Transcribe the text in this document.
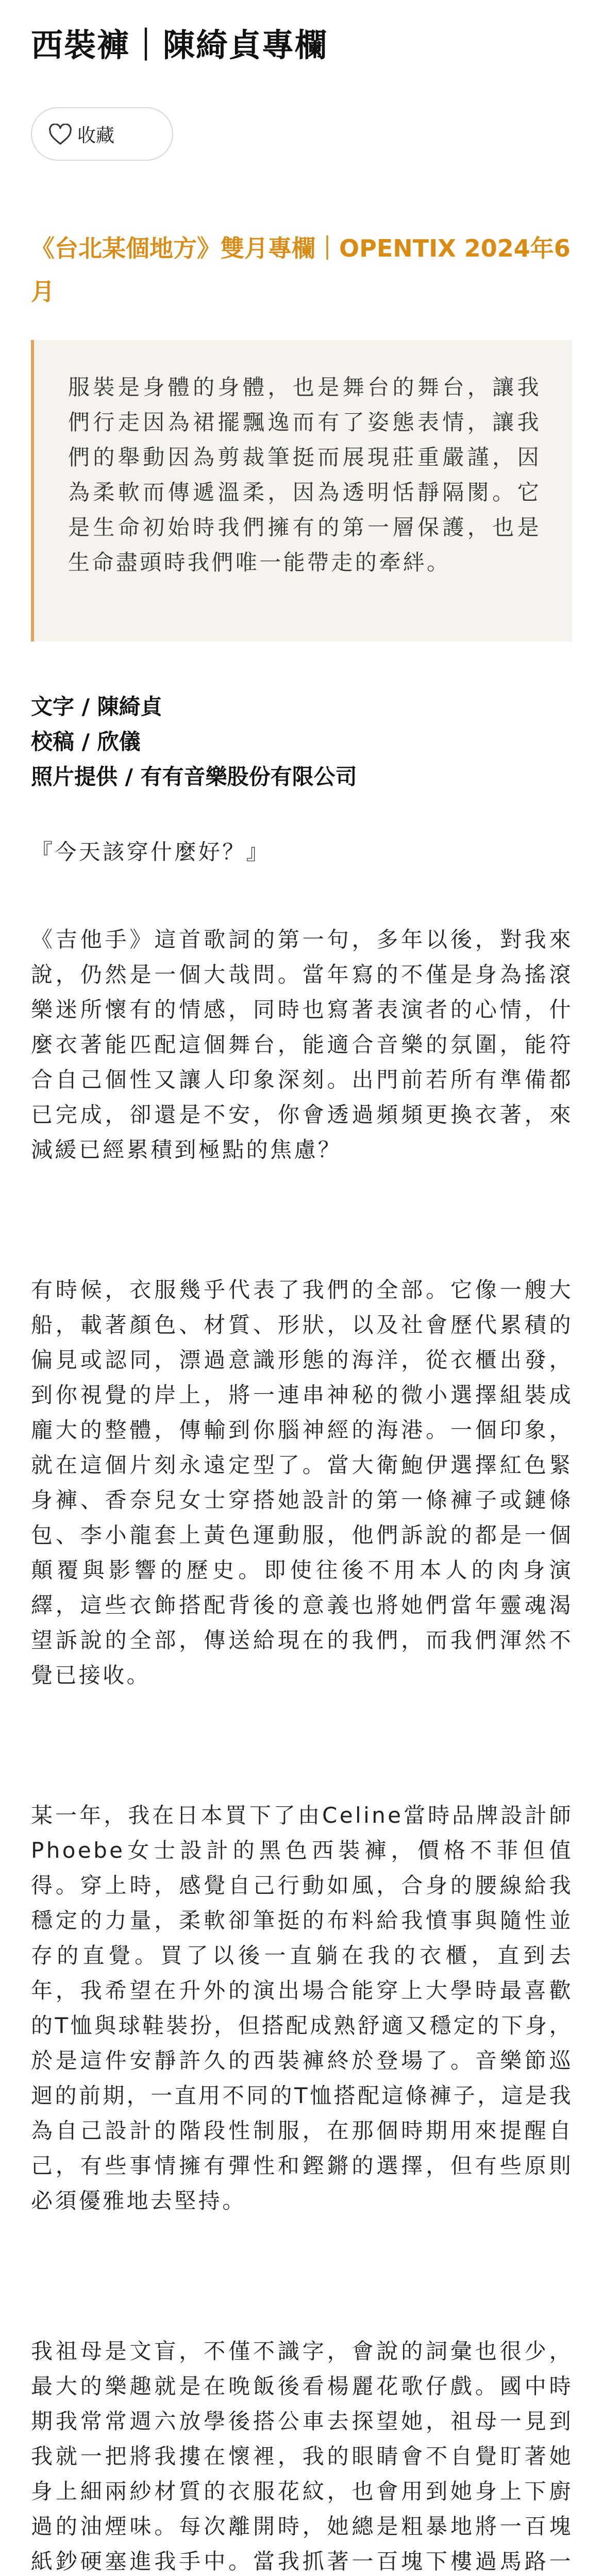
西裝褲｜陳綺貞專欄
收藏
《台北某個地方》雙月專欄｜OPENTIX 2024年6月

服裝是身體的身體，也是舞台的舞台，讓我們行走因為裙擺飄逸而有了姿態表情，讓我們的舉動因為剪裁筆挺而展現莊重嚴謹，因為柔軟而傳遞溫柔，因為透明恬靜隔閡。它是生命初始時我們擁有的第一層保護，也是生命盡頭時我們唯一能帶走的牽絆。

文字 / 陳綺貞
校稿 / 欣儀
照片提供 / 有有音樂股份有限公司

『今天該穿什麼好？』

《吉他手》這首歌詞的第一句，多年以後，對我來說，仍然是一個大哉問。當年寫的不僅是身為搖滾樂迷所懷有的情感，同時也寫著表演者的心情，什麼衣著能匹配這個舞台，能適合音樂的氛圍，能符合自己個性又讓人印象深刻。出門前若所有準備都已完成，卻還是不安，你會透過頻頻更換衣著，來減緩已經累積到極點的焦慮？

有時候，衣服幾乎代表了我們的全部。它像一艘大船，載著顏色、材質、形狀，以及社會歷代累積的偏見或認同，漂過意識形態的海洋，從衣櫃出發，到你視覺的岸上，將一連串神秘的微小選擇組裝成龐大的整體，傳輸到你腦神經的海港。一個印象，就在這個片刻永遠定型了。當大衛鮑伊選擇紅色緊身褲、香奈兒女士穿搭她設計的第一條褲子或鏈條包、李小龍套上黃色運動服，他們訴說的都是一個顛覆與影響的歷史。即使往後不用本人的肉身演繹，這些衣飾搭配背後的意義也將她們當年靈魂渴望訴說的全部，傳送給現在的我們，而我們渾然不覺已接收。

某一年，我在日本買下了由Celine當時品牌設計師Phoebe女士設計的黑色西裝褲，價格不菲但值得。穿上時，感覺自己行動如風，合身的腰線給我穩定的力量，柔軟卻筆挺的布料給我憤事與隨性並存的直覺。買了以後一直躺在我的衣櫃，直到去年，我希望在升外的演出場合能穿上大學時最喜歡的T恤與球鞋裝扮，但搭配成熟舒適又穩定的下身，於是這件安靜許久的西裝褲終於登場了。音樂節巡迴的前期，一直用不同的T恤搭配這條褲子，這是我為自己設計的階段性制服，在那個時期用來提醒自己，有些事情擁有彈性和鏗鏘的選擇，但有些原則必須優雅地去堅持。

我祖母是文盲，不僅不識字，會說的詞彙也很少，最大的樂趣就是在晚飯後看楊麗花歌仔戲。國中時期我常常週六放學後搭公車去探望她，祖母一見到我就一把將我摟在懷裡，我的眼睛會不自覺盯著她身上細兩紗材質的衣服花紋，也會用到她身上下廚過的油煙味。每次離開時，她總是粗暴地將一百塊紙鈔硬塞進我手中。當我抓著一百塊下樓過馬路一
